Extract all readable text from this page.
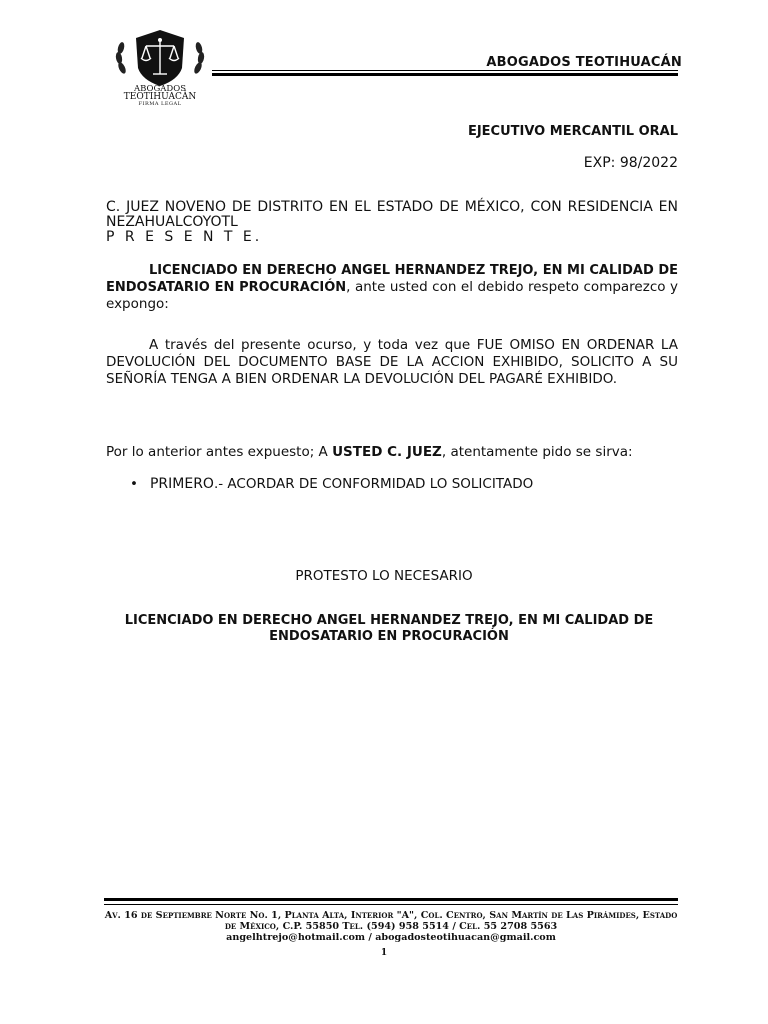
ABOGADOS
TEOTIHUACÁN
FIRMA LEGAL
ABOGADOS TEOTIHUACÁN
EJECUTIVO MERCANTIL ORAL
EXP: 98/2022
C. JUEZ NOVENO DE DISTRITO EN EL ESTADO DE MÉXICO, CON RESIDENCIA EN NEZAHUALCOYOTL
P R E S E N T E.
LICENCIADO EN DERECHO ANGEL HERNANDEZ TREJO, EN MI CALIDAD DE ENDOSATARIO EN PROCURACIÓN, ante usted con el debido respeto comparezco y expongo:
A través del presente ocurso, y toda vez que FUE OMISO EN ORDENAR LA DEVOLUCIÓN DEL DOCUMENTO BASE DE LA ACCION EXHIBIDO, SOLICITO A SU SEÑORÍA TENGA A BIEN ORDENAR LA DEVOLUCIÓN DEL PAGARÉ EXHIBIDO.
Por lo anterior antes expuesto; A USTED C. JUEZ, atentamente pido se sirva:
• PRIMERO.- ACORDAR DE CONFORMIDAD LO SOLICITADO
PROTESTO LO NECESARIO
LICENCIADO EN DERECHO ANGEL HERNANDEZ TREJO, EN MI CALIDAD DE ENDOSATARIO EN PROCURACIÓN
Av. 16 de Septiembre Norte No. 1, Planta Alta, Interior "A", Col. Centro, San Martín de Las Pirámides, Estado de México, C.P. 55850 Tel. (594) 958 5514 / Cel. 55 2708 5563
angelhtrejo@hotmail.com / abogadosteotihuacan@gmail.com
1
